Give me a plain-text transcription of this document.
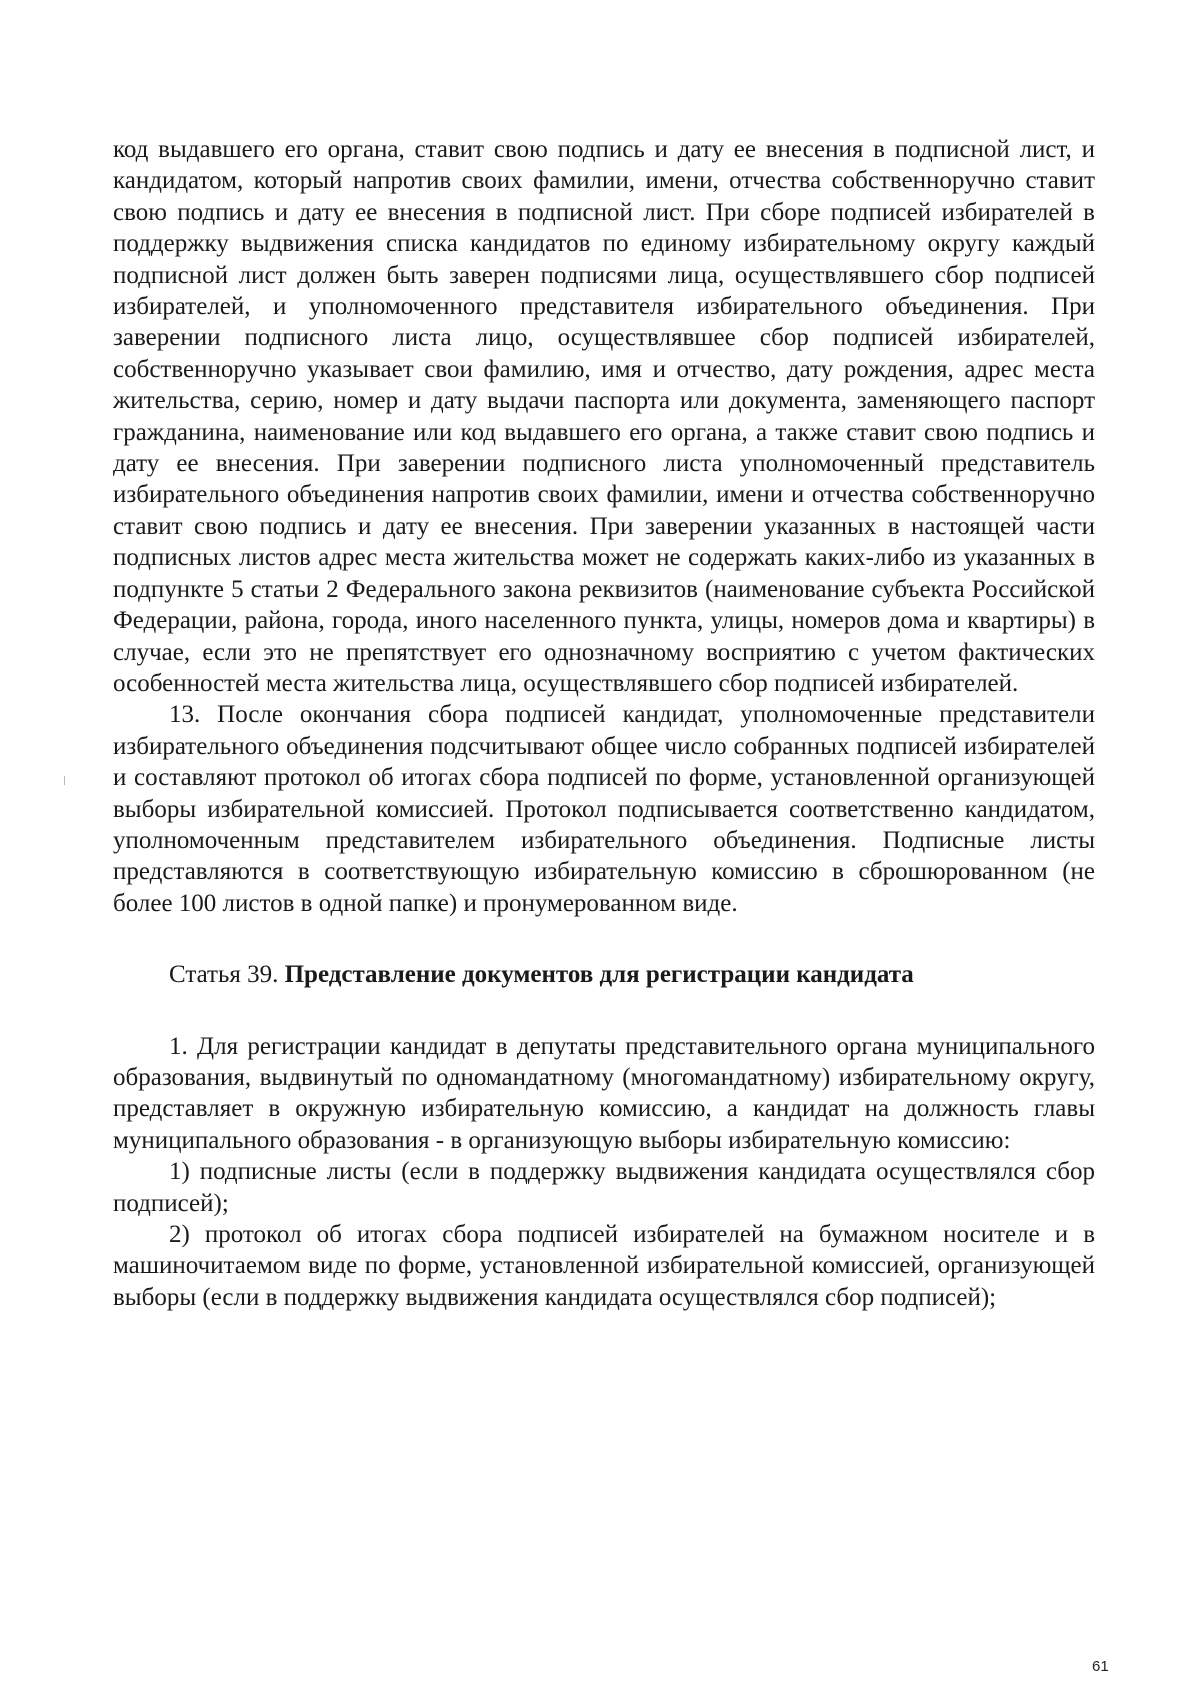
код выдавшего его органа, ставит свою подпись и дату ее внесения в подписной лист, и кандидатом, который напротив своих фамилии, имени, отчества собственноручно ставит свою подпись и дату ее внесения в подписной лист. При сборе подписей избирателей в поддержку выдвижения списка кандидатов по единому избирательному округу каждый подписной лист должен быть заверен подписями лица, осуществлявшего сбор подписей избирателей, и уполномоченного представителя избирательного объединения. При заверении подписного листа лицо, осуществлявшее сбор подписей избирателей, собственноручно указывает свои фамилию, имя и отчество, дату рождения, адрес места жительства, серию, номер и дату выдачи паспорта или документа, заменяющего паспорт гражданина, наименование или код выдавшего его органа, а также ставит свою подпись и дату ее внесения. При заверении подписного листа уполномоченный представитель избирательного объединения напротив своих фамилии, имени и отчества собственноручно ставит свою подпись и дату ее внесения. При заверении указанных в настоящей части подписных листов адрес места жительства может не содержать каких-либо из указанных в подпункте 5 статьи 2 Федерального закона реквизитов (наименование субъекта Российской Федерации, района, города, иного населенного пункта, улицы, номеров дома и квартиры) в случае, если это не препятствует его однозначному восприятию с учетом фактических особенностей места жительства лица, осуществлявшего сбор подписей избирателей.

13. После окончания сбора подписей кандидат, уполномоченные представители избирательного объединения подсчитывают общее число собранных подписей избирателей и составляют протокол об итогах сбора подписей по форме, установленной организующей выборы избирательной комиссией. Протокол подписывается соответственно кандидатом, уполномоченным представителем избирательного объединения. Подписные листы представляются в соответствующую избирательную комиссию в сброшюрованном (не более 100 листов в одной папке) и пронумерованном виде.

Статья 39. Представление документов для регистрации кандидата

1. Для регистрации кандидат в депутаты представительного органа муниципального образования, выдвинутый по одномандатному (многомандатному) избирательному округу, представляет в окружную избирательную комиссию, а кандидат на должность главы муниципального образования - в организующую выборы избирательную комиссию:

1) подписные листы (если в поддержку выдвижения кандидата осуществлялся сбор подписей);

2) протокол об итогах сбора подписей избирателей на бумажном носителе и в машиночитаемом виде по форме, установленной избирательной комиссией, организующей выборы (если в поддержку выдвижения кандидата осуществлялся сбор подписей);

61
